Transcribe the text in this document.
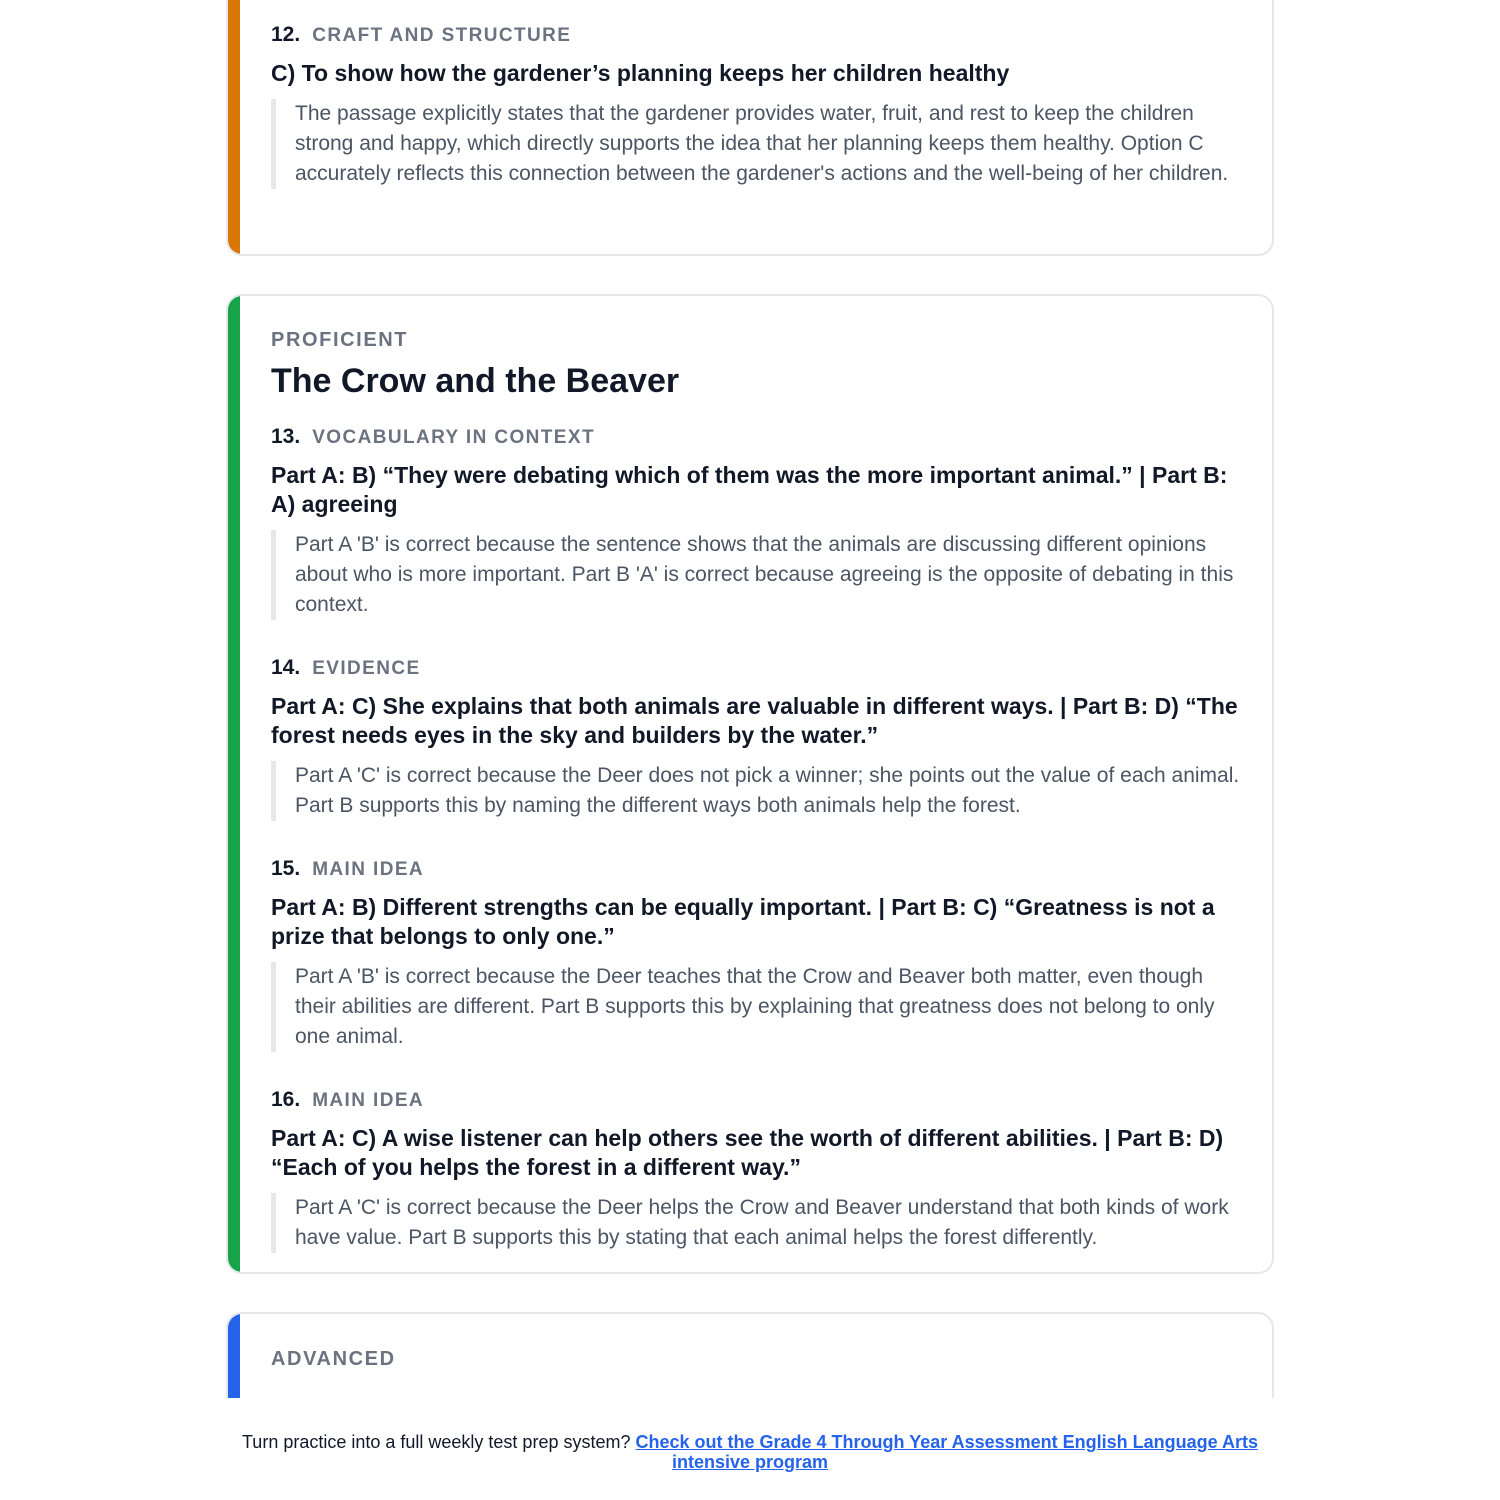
12. CRAFT AND STRUCTURE
C) To show how the gardener’s planning keeps her children healthy
The passage explicitly states that the gardener provides water, fruit, and rest to keep the children strong and happy, which directly supports the idea that her planning keeps them healthy. Option C accurately reflects this connection between the gardener's actions and the well-being of her children.
PROFICIENT
The Crow and the Beaver
13. VOCABULARY IN CONTEXT
Part A: B) “They were debating which of them was the more important animal.” | Part B: A) agreeing
Part A 'B' is correct because the sentence shows that the animals are discussing different opinions about who is more important. Part B 'A' is correct because agreeing is the opposite of debating in this context.
14. EVIDENCE
Part A: C) She explains that both animals are valuable in different ways. | Part B: D) “The forest needs eyes in the sky and builders by the water.”
Part A 'C' is correct because the Deer does not pick a winner; she points out the value of each animal. Part B supports this by naming the different ways both animals help the forest.
15. MAIN IDEA
Part A: B) Different strengths can be equally important. | Part B: C) “Greatness is not a prize that belongs to only one.”
Part A 'B' is correct because the Deer teaches that the Crow and Beaver both matter, even though their abilities are different. Part B supports this by explaining that greatness does not belong to only one animal.
16. MAIN IDEA
Part A: C) A wise listener can help others see the worth of different abilities. | Part B: D) “Each of you helps the forest in a different way.”
Part A 'C' is correct because the Deer helps the Crow and Beaver understand that both kinds of work have value. Part B supports this by stating that each animal helps the forest differently.
ADVANCED
Turn practice into a full weekly test prep system? Check out the Grade 4 Through Year Assessment English Language Arts intensive program
